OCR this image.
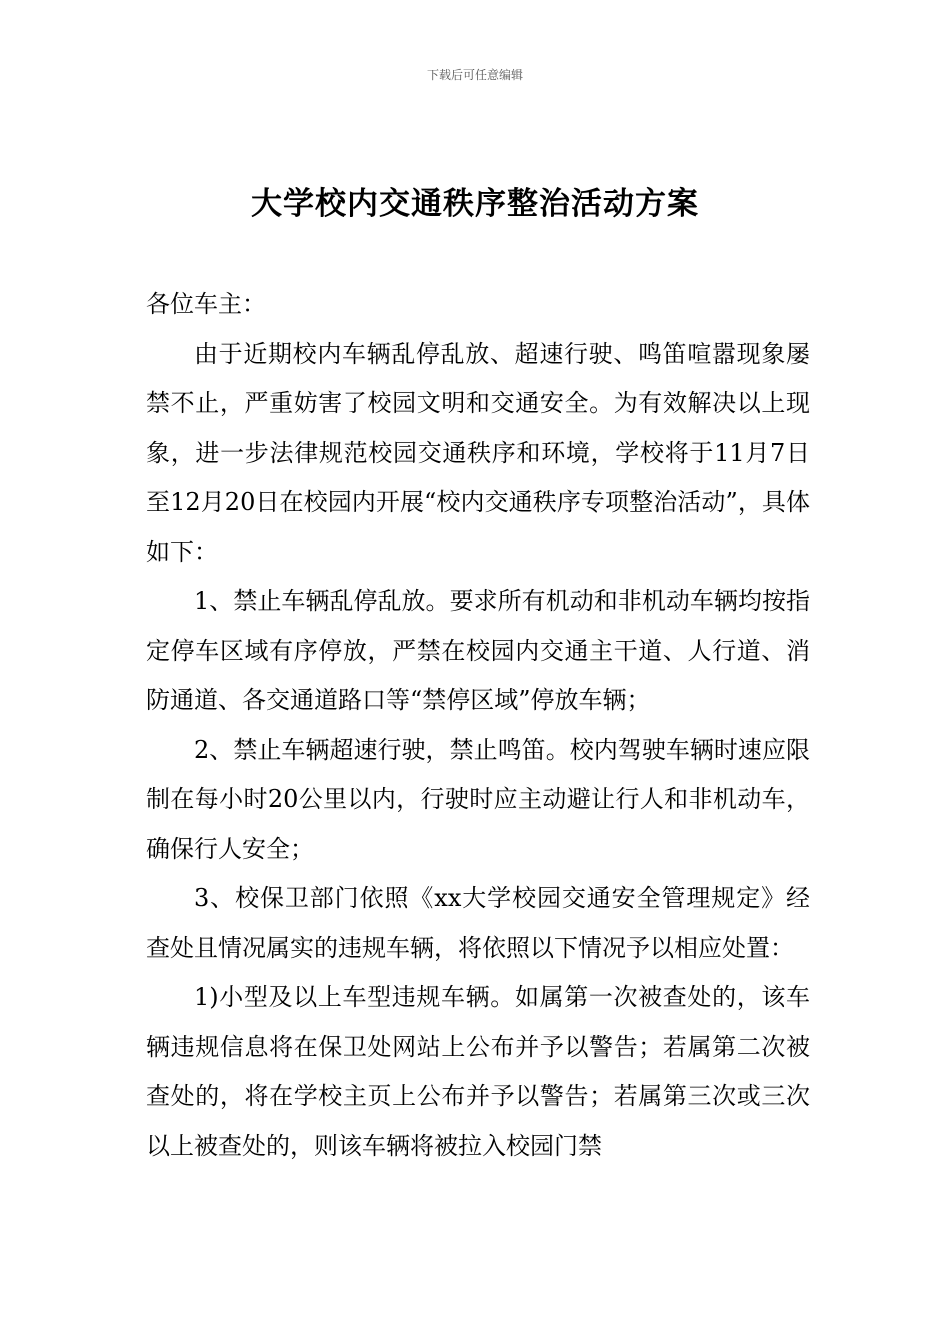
下载后可任意编辑
大学校内交通秩序整治活动方案

各位车主：

由于近期校内车辆乱停乱放、超速行驶、鸣笛喧嚣现象屡禁不止，严重妨害了校园文明和交通安全。为有效解决以上现象，进一步法律规范校园交通秩序和环境，学校将于11月7日至12月20日在校园内开展“校内交通秩序专项整治活动”，具体如下：

1、禁止车辆乱停乱放。要求所有机动和非机动车辆均按指定停车区域有序停放，严禁在校园内交通主干道、人行道、消防通道、各交通道路口等“禁停区域”停放车辆；

2、禁止车辆超速行驶，禁止鸣笛。校内驾驶车辆时速应限制在每小时20公里以内，行驶时应主动避让行人和非机动车，确保行人安全；

3、校保卫部门依照《xx大学校园交通安全管理规定》经查处且情况属实的违规车辆，将依照以下情况予以相应处置：

1)小型及以上车型违规车辆。如属第一次被查处的，该车辆违规信息将在保卫处网站上公布并予以警告；若属第二次被查处的，将在学校主页上公布并予以警告；若属第三次或三次以上被查处的，则该车辆将被拉入校园门禁
